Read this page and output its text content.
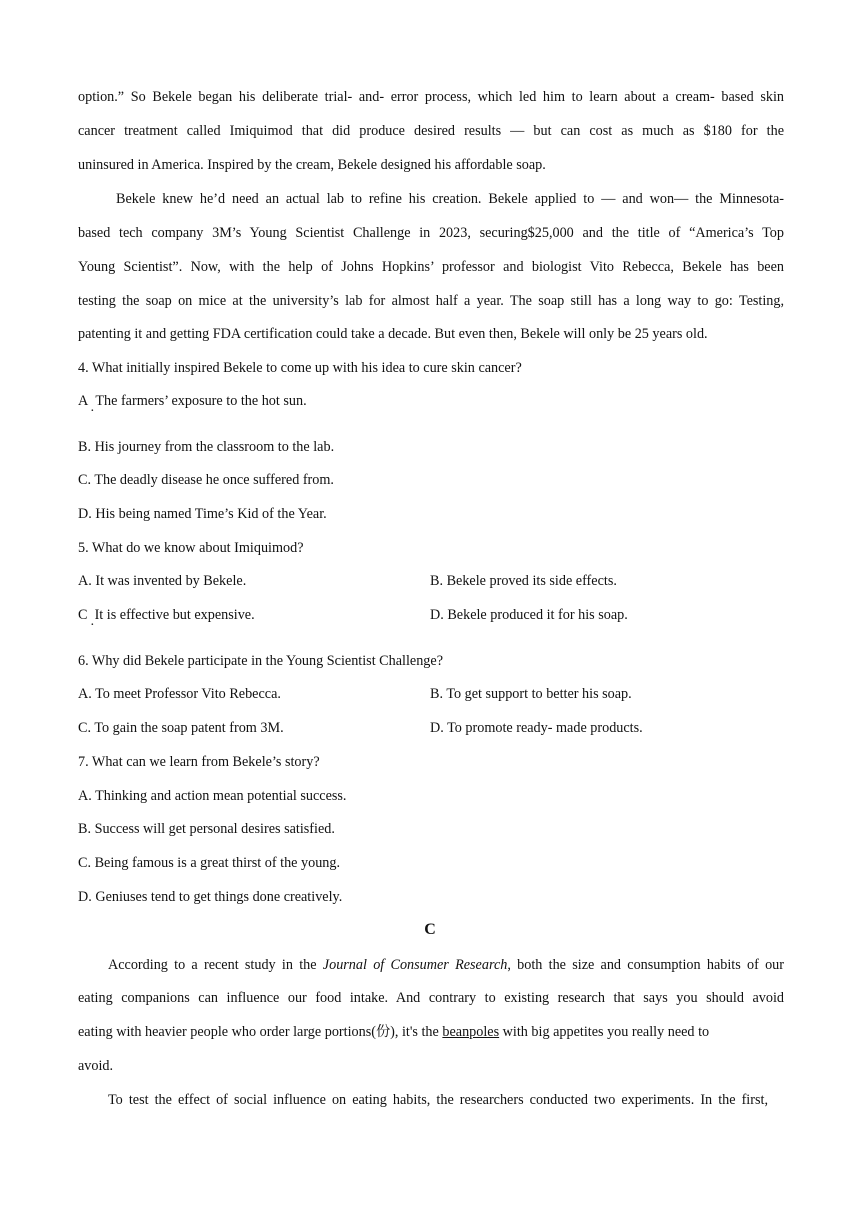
option.” So Bekele began his deliberate trial- and- error process, which led him to learn about a cream- based skin
cancer treatment called Imiquimod that did produce desired results — but can cost as much as $180 for the
uninsured in America. Inspired by the cream, Bekele designed his affordable soap.
Bekele knew he’d need an actual lab to refine his creation. Bekele applied to — and won— the Minnesota-
based tech company 3M’s Young Scientist Challenge in 2023, securing$25,000 and the title of “America’s Top
Young Scientist”. Now, with the help of Johns Hopkins’ professor and biologist Vito Rebecca, Bekele has been
testing the soap on mice at the university’s lab for almost half a year. The soap still has a long way to go: Testing,
patenting it and getting FDA certification could take a decade. But even then, Bekele will only be 25 years old.
4. What initially inspired Bekele to come up with his idea to cure skin cancer?
A The farmers’ exposure to the hot sun.
·
B. His journey from the classroom to the lab.
C. The deadly disease he once suffered from.
D. His being named Time’s Kid of the Year.
5. What do we know about Imiquimod?
A. It was invented by Bekele.	B. Bekele proved its side effects.
C It is effective but expensive.
·
D. Bekele produced it for his soap.
6. Why did Bekele participate in the Young Scientist Challenge?
A. To meet Professor Vito Rebecca.	B. To get support to better his soap.
C. To gain the soap patent from 3M.	D. To promote ready- made products.
7. What can we learn from Bekele’s story?
A. Thinking and action mean potential success.
B. Success will get personal desires satisfied.
C. Being famous is a great thirst of the young.
D. Geniuses tend to get things done creatively.
C
According to a recent study in the Journal of Consumer Research, both the size and consumption habits of our
eating companions can influence our food intake. And contrary to existing research that says you should avoid
eating with heavier people who order large portions(份), it's the beanpoles with big appetites you really need to
avoid.
To test the effect of social influence on eating habits, the researchers conducted two experiments. In the first,
